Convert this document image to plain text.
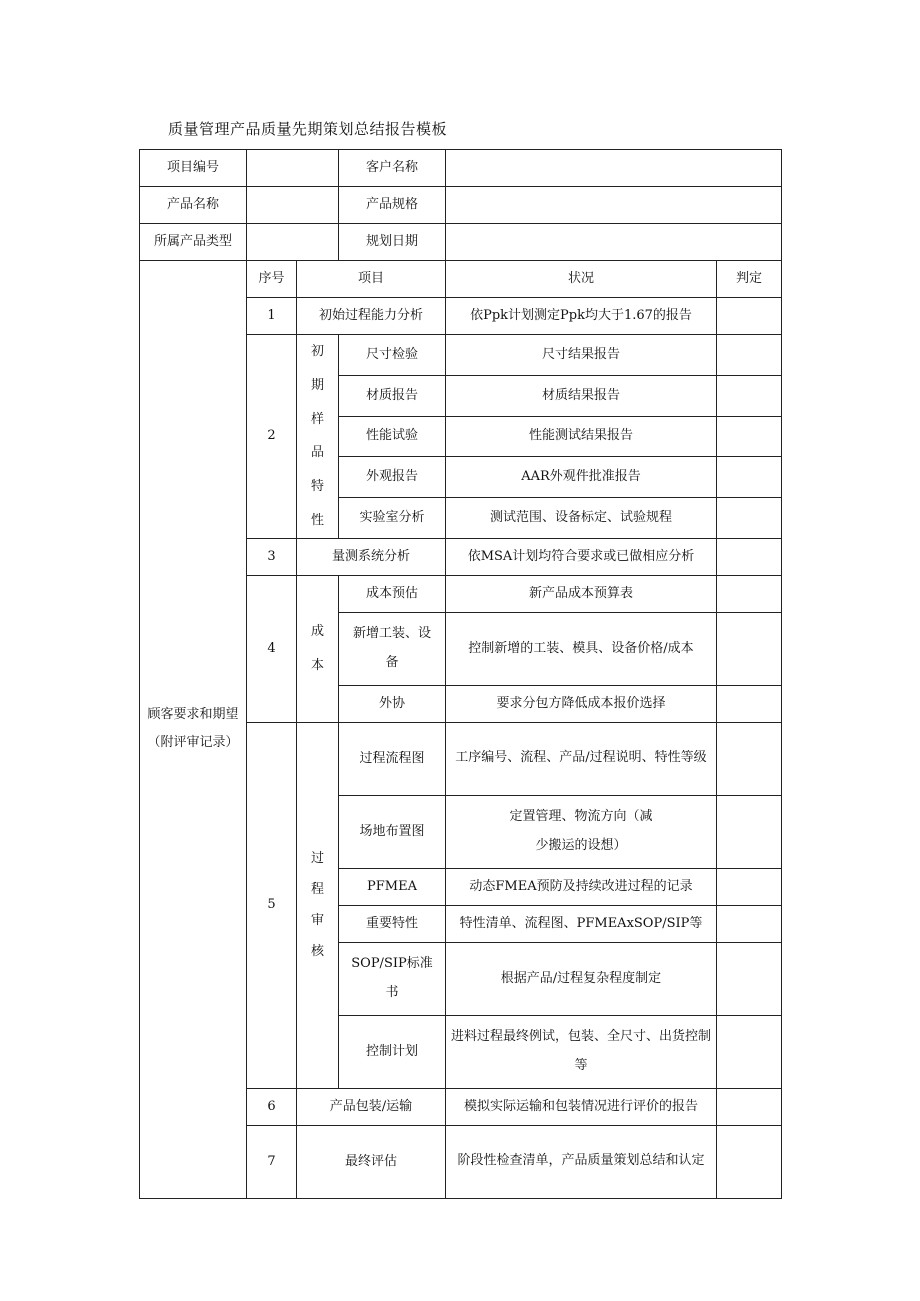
质量管理产品质量先期策划总结报告模板
项目编号			客户名称		
产品名称			产品规格		
所属产品类型			规划日期		
顾客要求和期望（附评审记录）	序号	项目		状况	判定
	1	初始过程能力分析		依Ppk计划测定Ppk均大于1.67的报告	
	2	初期样品特性	尺寸检验	尺寸结果报告	
			材质报告	材质结果报告	
			性能试验	性能测试结果报告	
			外观报告	AAR外观件批准报告	
			实验室分析	测试范围、设备标定、试验规程	
	3	量测系统分析		依MSA计划均符合要求或已做相应分析	
	4	成本	成本预估	新产品成本预算表	
			新增工装、设备	控制新增的工装、模具、设备价格/成本	
			外协	要求分包方降低成本报价选择	
	5	过程审核	过程流程图	工序编号、流程、产品/过程说明、特性等级	
			场地布置图	定置管理、物流方向（减少搬运的设想）	
			PFMEA	动态FMEA预防及持续改进过程的记录	
			重要特性	特性清单、流程图、PFMEAxSOP/SIP等	
			SOP/SIP标准书	根据产品/过程复杂程度制定	
			控制计划	进料过程最终例试，包装、全尺寸、出货控制等	
	6	产品包装/运输		模拟实际运输和包装情况进行评价的报告	
	7	最终评估		阶段性检查清单，产品质量策划总结和认定	
